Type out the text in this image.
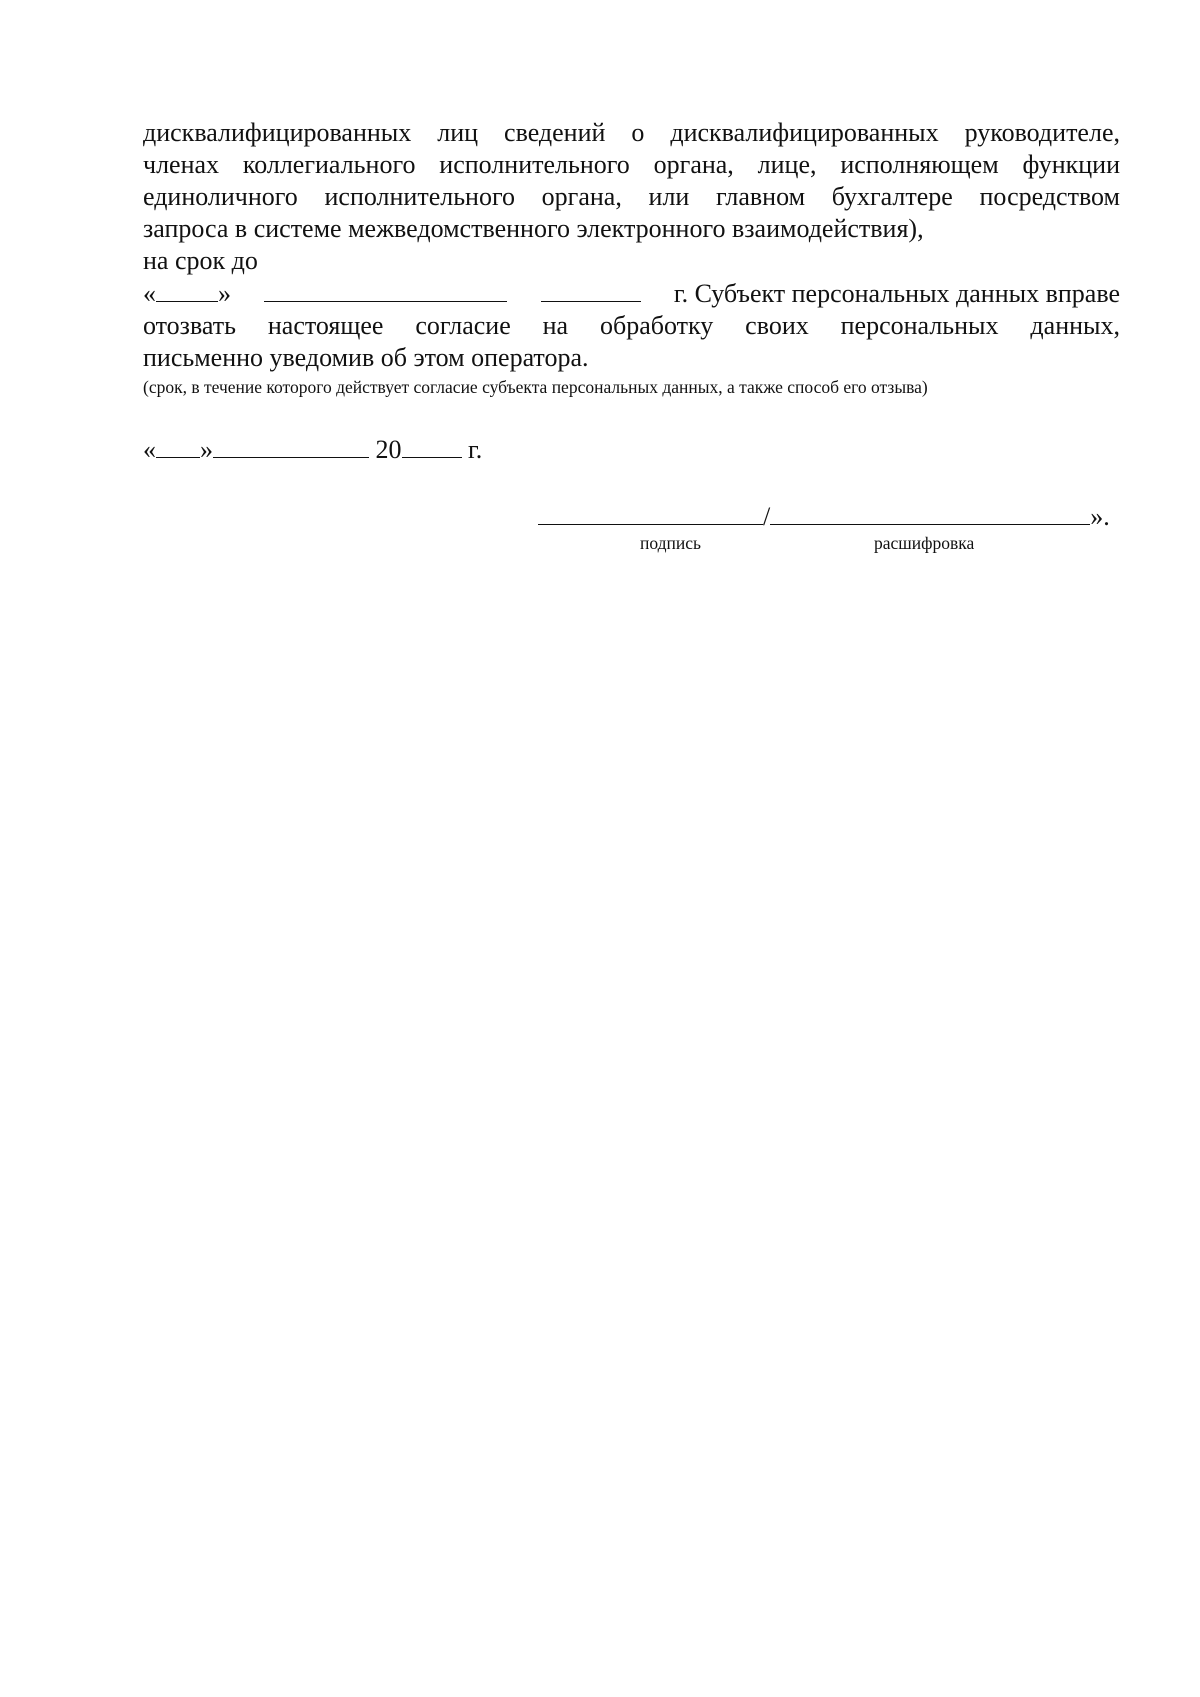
дисквалифицированных лиц сведений о дисквалифицированных руководителе,
членах коллегиального исполнительного органа, лице, исполняющем функции
единоличного исполнительного органа, или главном бухгалтере посредством
запроса в системе межведомственного электронного взаимодействия),
на срок до
« »	г. Субъект персональных данных вправе
отозвать настоящее согласие на обработку своих персональных данных,
письменно уведомив об этом оператора.
(срок, в течение которого действует согласие субъекта персональных данных, а также способ его отзыва)
« »	20	г.
/	».
подпись	расшифровка
